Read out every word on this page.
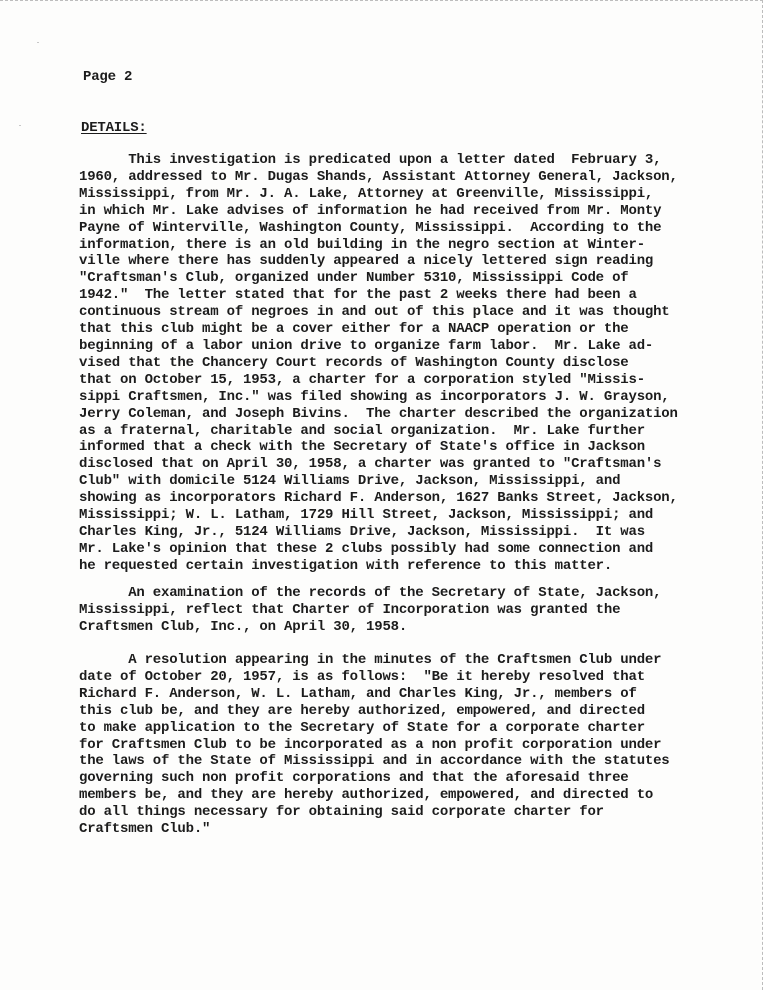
Page 2
DETAILS:
This investigation is predicated upon a letter dated  February 3,
1960, addressed to Mr. Dugas Shands, Assistant Attorney General, Jackson,
Mississippi, from Mr. J. A. Lake, Attorney at Greenville, Mississippi,
in which Mr. Lake advises of information he had received from Mr. Monty
Payne of Winterville, Washington County, Mississippi.  According to the
information, there is an old building in the negro section at Winter-
ville where there has suddenly appeared a nicely lettered sign reading
"Craftsman's Club, organized under Number 5310, Mississippi Code of
1942."  The letter stated that for the past 2 weeks there had been a
continuous stream of negroes in and out of this place and it was thought
that this club might be a cover either for a NAACP operation or the
beginning of a labor union drive to organize farm labor.  Mr. Lake ad-
vised that the Chancery Court records of Washington County disclose
that on October 15, 1953, a charter for a corporation styled "Missis-
sippi Craftsmen, Inc." was filed showing as incorporators J. W. Grayson,
Jerry Coleman, and Joseph Bivins.  The charter described the organization
as a fraternal, charitable and social organization.  Mr. Lake further
informed that a check with the Secretary of State's office in Jackson
disclosed that on April 30, 1958, a charter was granted to "Craftsman's
Club" with domicile 5124 Williams Drive, Jackson, Mississippi, and
showing as incorporators Richard F. Anderson, 1627 Banks Street, Jackson,
Mississippi; W. L. Latham, 1729 Hill Street, Jackson, Mississippi; and
Charles King, Jr., 5124 Williams Drive, Jackson, Mississippi.  It was
Mr. Lake's opinion that these 2 clubs possibly had some connection and
he requested certain investigation with reference to this matter.
An examination of the records of the Secretary of State, Jackson,
Mississippi, reflect that Charter of Incorporation was granted the
Craftsmen Club, Inc., on April 30, 1958.
A resolution appearing in the minutes of the Craftsmen Club under
date of October 20, 1957, is as follows:  "Be it hereby resolved that
Richard F. Anderson, W. L. Latham, and Charles King, Jr., members of
this club be, and they are hereby authorized, empowered, and directed
to make application to the Secretary of State for a corporate charter
for Craftsmen Club to be incorporated as a non profit corporation under
the laws of the State of Mississippi and in accordance with the statutes
governing such non profit corporations and that the aforesaid three
members be, and they are hereby authorized, empowered, and directed to
do all things necessary for obtaining said corporate charter for
Craftsmen Club."
